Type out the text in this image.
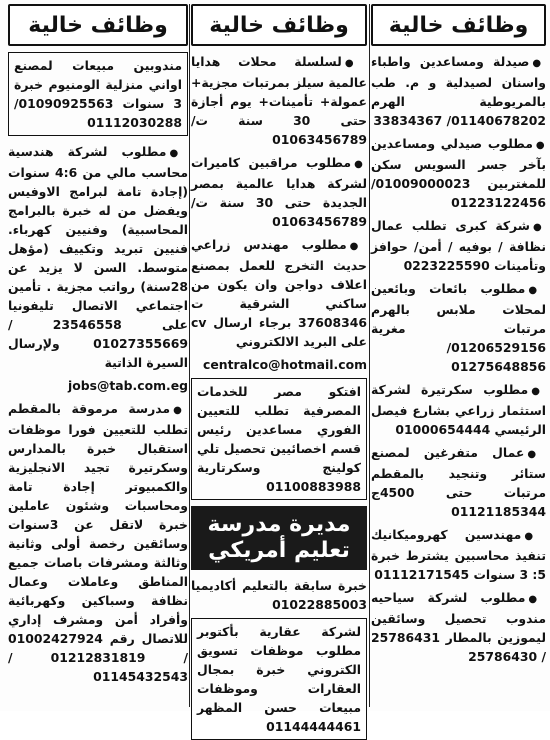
وظائف خالية
●صيدلة ومساعدين واطباء واسنان لصيدلية و م. طب بالمريوطية الهرم 01140678202/ 33834367
●مطلوب صيدلي ومساعدين بآخر جسر السويس سكن للمغتربين 01009000023/ 01223122456
●شركة كبرى تطلب عمال نظافة / بوفيه / أمن/ حوافز وتأمينات 0223225590
●مطلوب بائعات وبائعين لمحلات ملابس بالهرم مرتبات مغرية 01206529156/ 01275648856
●مطلوب سكرتيرة لشركة استثمار زراعي بشارع فيصل الرئيسي 01000654444
●عمال متفرغين لمصنع ستائر وتنجيد بالمقطم مرتبات حتى 4500ج 01121185344
●مهندسين كهروميكانيك تنفيذ محاسبين يشترط خبرة 5: 3 سنوات 01112171545
●مطلوب لشركة سياحيه مندوب تحصيل وسائقين ليموزين بالمطار 25786431 / 25786430
وظائف خالية
●لسلسلة محلات هدايا عالمية سيلز بمرتبات مجزية+ عمولة+ تأمينات+ يوم أجازة حتى 30 سنة ت/ 01063456789
●مطلوب مراقبين كاميرات لشركة هدايا عالمية بمصر الجديدة حتى 30 سنة ت/ 01063456789
●مطلوب مهندس زراعي حديث التخرج للعمل بمصنع اعلاف دواجن وان يكون من ساكني الشرقية ت 37608346 برجاء ارسال cv على البريد الالكتروني
centralco@hotmail.com
افتكو مصر للخدمات المصرفية تطلب للتعيين الفوري مساعدين رئيس قسم اخصائيين تحصيل تلي كولينج وسكرتارية 01100883988
مديرة مدرسة تعليم أمريكي
خبرة سابقة بالتعليم أكاديميا 01022885003
لشركة عقارية بأكتوبر مطلوب موظفات تسويق الكتروني خبرة بمجال العقارات وموظفات مبيعات حسن المظهر 01144444461
وظائف خالية
مندوبين مبيعات لمصنع اواني منزلية الومنيوم خبرة 3 سنوات 01090925563/ 01112030288
●مطلوب لشركة هندسية محاسب مالي من 4:6 سنوات (إجادة تامة لبرامج الاوفيس ويفضل من له خبرة بالبرامج المحاسبية) وفنيين كهرباء. فنيين تبريد وتكييف (مؤهل متوسط. السن لا يزيد عن 28سنة) رواتب مجزية . تأمين اجتماعي الاتصال تليفونيا على 23546558 / 01027355669 ولإرسال السيرة الذاتية
jobs@tab.com.eg
●مدرسة مرموقة بالمقطم تطلب للتعيين فورا موظفات استقبال خبرة بالمدارس وسكرتيرة تجيد الانجليزية والكمبيوتر إجادة تامة ومحاسبات وشئون عاملين خبرة لاتقل عن 3سنوات وسائقين رخصة أولى وثانية وثالثة ومشرفات باصات جميع المناطق وعاملات وعمال نظافة وسباكين وكهربائية وأفراد أمن ومشرف إداري للاتصال رقم 01002427924 / 01212831819 / 01145432543
